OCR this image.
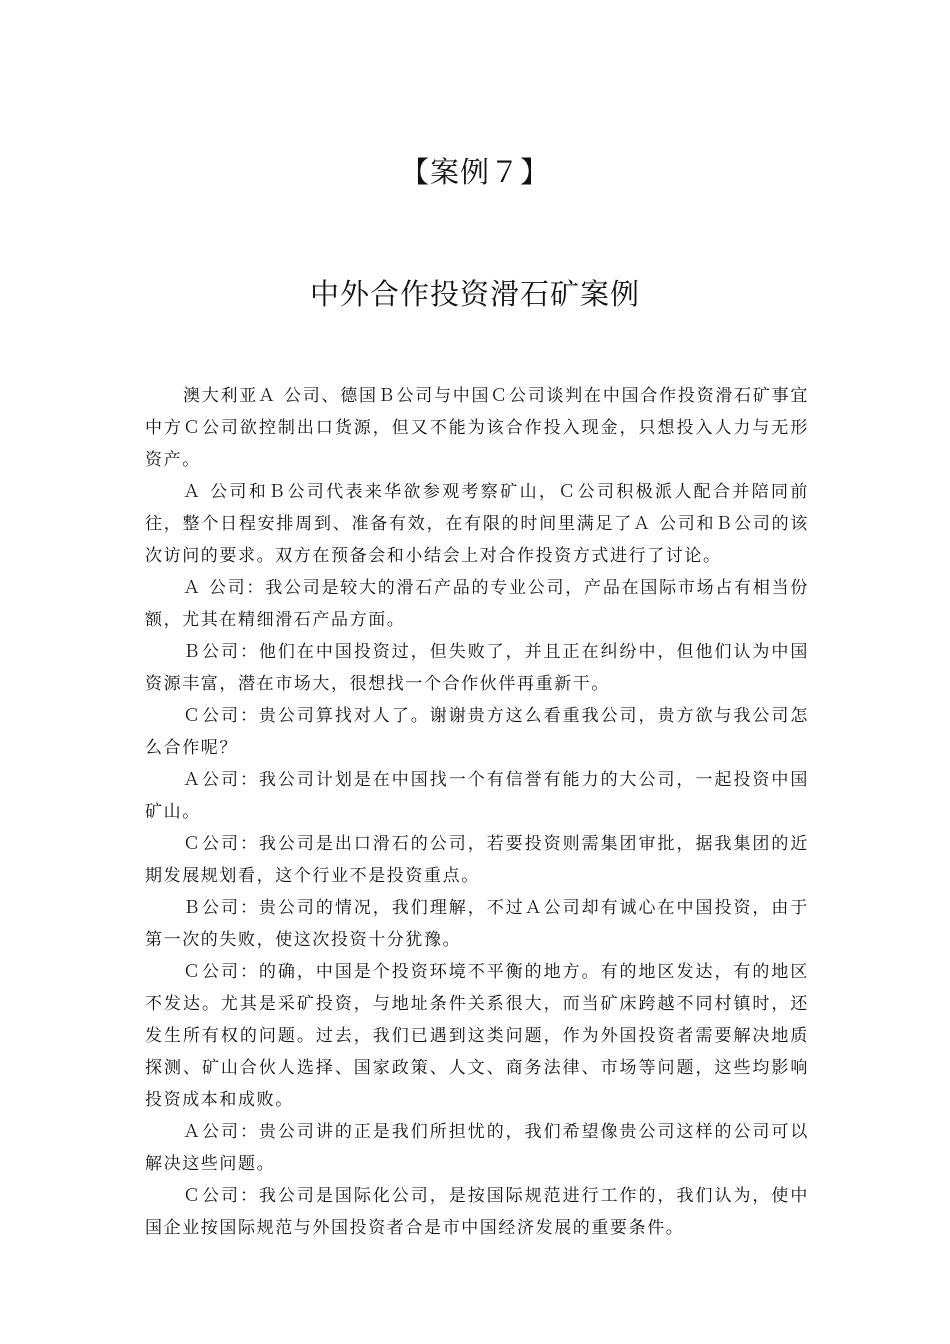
【案例７】
中外合作投资滑石矿案例

澳大利亚Ａ 公司、德国Ｂ公司与中国Ｃ公司谈判在中国合作投资滑石矿事宜中方Ｃ公司欲控制出口货源，但又不能为该合作投入现金，只想投入人力与无形资产。

Ａ 公司和Ｂ公司代表来华欲参观考察矿山，Ｃ公司积极派人配合并陪同前往，整个日程安排周到、准备有效，在有限的时间里满足了Ａ 公司和Ｂ公司的该次访问的要求。双方在预备会和小结会上对合作投资方式进行了讨论。

Ａ 公司：我公司是较大的滑石产品的专业公司，产品在国际市场占有相当份额，尤其在精细滑石产品方面。

Ｂ公司：他们在中国投资过，但失败了，并且正在纠纷中，但他们认为中国资源丰富，潜在市场大，很想找一个合作伙伴再重新干。

Ｃ公司：贵公司算找对人了。谢谢贵方这么看重我公司，贵方欲与我公司怎么合作呢？

Ａ公司：我公司计划是在中国找一个有信誉有能力的大公司，一起投资中国矿山。

Ｃ公司：我公司是出口滑石的公司，若要投资则需集团审批，据我集团的近期发展规划看，这个行业不是投资重点。

Ｂ公司：贵公司的情况，我们理解，不过Ａ公司却有诚心在中国投资，由于第一次的失败，使这次投资十分犹豫。

Ｃ公司：的确，中国是个投资环境不平衡的地方。有的地区发达，有的地区不发达。尤其是采矿投资，与地址条件关系很大，而当矿床跨越不同村镇时，还发生所有权的问题。过去，我们已遇到这类问题，作为外国投资者需要解决地质探测、矿山合伙人选择、国家政策、人文、商务法律、市场等问题，这些均影响投资成本和成败。

Ａ公司：贵公司讲的正是我们所担忧的，我们希望像贵公司这样的公司可以解决这些问题。

Ｃ公司：我公司是国际化公司，是按国际规范进行工作的，我们认为，使中国企业按国际规范与外国投资者合是市中国经济发展的重要条件。
